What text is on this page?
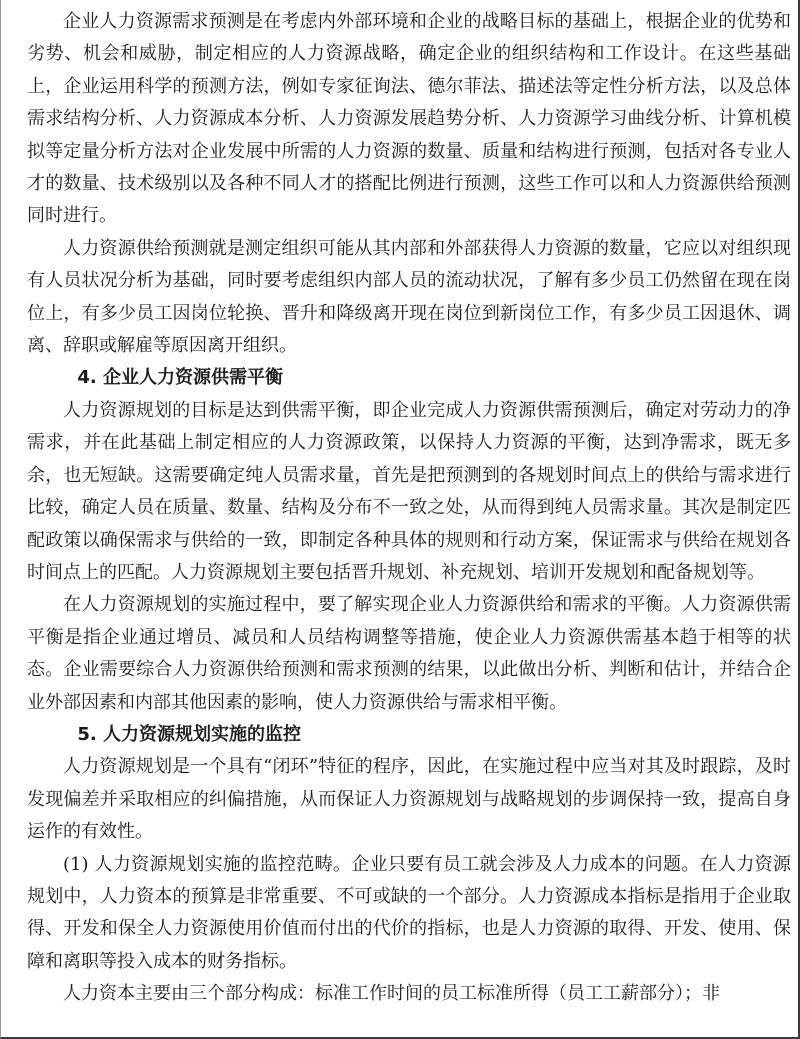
企业人力资源需求预测是在考虑内外部环境和企业的战略目标的基础上，根据企业的优势和劣势、机会和威胁，制定相应的人力资源战略，确定企业的组织结构和工作设计。在这些基础上，企业运用科学的预测方法，例如专家征询法、德尔菲法、描述法等定性分析方法，以及总体需求结构分析、人力资源成本分析、人力资源发展趋势分析、人力资源学习曲线分析、计算机模拟等定量分析方法对企业发展中所需的人力资源的数量、质量和结构进行预测，包括对各专业人才的数量、技术级别以及各种不同人才的搭配比例进行预测，这些工作可以和人力资源供给预测同时进行。

人力资源供给预测就是测定组织可能从其内部和外部获得人力资源的数量，它应以对组织现有人员状况分析为基础，同时要考虑组织内部人员的流动状况，了解有多少员工仍然留在现在岗位上，有多少员工因岗位轮换、晋升和降级离开现在岗位到新岗位工作，有多少员工因退休、调离、辞职或解雇等原因离开组织。

4. 企业人力资源供需平衡

人力资源规划的目标是达到供需平衡，即企业完成人力资源供需预测后，确定对劳动力的净需求，并在此基础上制定相应的人力资源政策，以保持人力资源的平衡，达到净需求，既无多余，也无短缺。这需要确定纯人员需求量，首先是把预测到的各规划时间点上的供给与需求进行比较，确定人员在质量、数量、结构及分布不一致之处，从而得到纯人员需求量。其次是制定匹配政策以确保需求与供给的一致，即制定各种具体的规则和行动方案，保证需求与供给在规划各时间点上的匹配。人力资源规划主要包括晋升规划、补充规划、培训开发规划和配备规划等。

在人力资源规划的实施过程中，要了解实现企业人力资源供给和需求的平衡。人力资源供需平衡是指企业通过增员、减员和人员结构调整等措施，使企业人力资源供需基本趋于相等的状态。企业需要综合人力资源供给预测和需求预测的结果，以此做出分析、判断和估计，并结合企业外部因素和内部其他因素的影响，使人力资源供给与需求相平衡。

5. 人力资源规划实施的监控

人力资源规划是一个具有“闭环”特征的程序，因此，在实施过程中应当对其及时跟踪，及时发现偏差并采取相应的纠偏措施，从而保证人力资源规划与战略规划的步调保持一致，提高自身运作的有效性。

(1) 人力资源规划实施的监控范畴。企业只要有员工就会涉及人力成本的问题。在人力资源规划中，人力资本的预算是非常重要、不可或缺的一个部分。人力资源成本指标是指用于企业取得、开发和保全人力资源使用价值而付出的代价的指标，也是人力资源的取得、开发、使用、保障和离职等投入成本的财务指标。

人力资本主要由三个部分构成：标准工作时间的员工标准所得（员工工薪部分）；非
